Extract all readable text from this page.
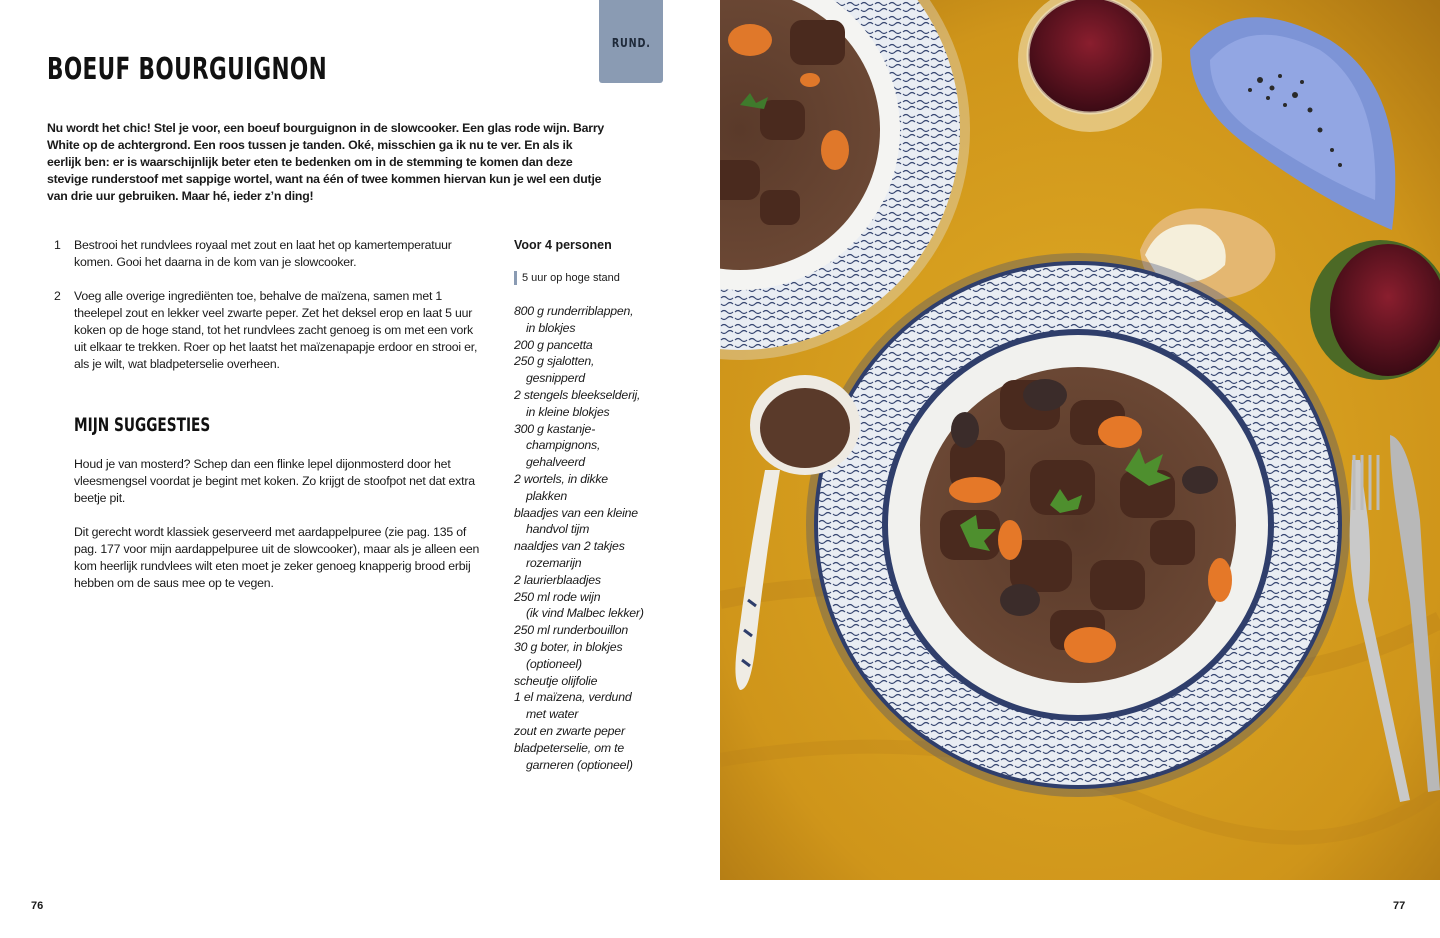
RUND.
BOEUF BOURGUIGNON

Nu wordt het chic! Stel je voor, een boeuf bourguignon in de slowcooker. Een glas rode wijn. Barry White op de achtergrond. Een roos tussen je tanden. Oké, misschien ga ik nu te ver. En als ik eerlijk ben: er is waarschijnlijk beter eten te bedenken om in de stemming te komen dan deze stevige runderstoof met sappige wortel, want na één of twee kommen hiervan kun je wel een dutje van drie uur gebruiken. Maar hé, ieder z’n ding!

1	Bestrooi het rundvlees royaal met zout en laat het op kamertemperatuur komen. Gooi het daarna in de kom van je slowcooker.
2	Voeg alle overige ingrediënten toe, behalve de maïzena, samen met 1 theelepel zout en lekker veel zwarte peper. Zet het deksel erop en laat 5 uur koken op de hoge stand, tot het rundvlees zacht genoeg is om met een vork uit elkaar te trekken. Roer op het laatst het maïzenapapje erdoor en strooi er, als je wilt, wat bladpeterselie overheen.
MIJN SUGGESTIES

Houd je van mosterd? Schep dan een flinke lepel dijonmosterd door het vleesmengsel voordat je begint met koken. Zo krijgt de stoofpot net dat extra beetje pit.

Dit gerecht wordt klassiek geserveerd met aardappelpuree (zie pag. 135 of pag. 177 voor mijn aardappelpuree uit de slowcooker), maar als je alleen een kom heerlijk rundvlees wilt eten moet je zeker genoeg knapperig brood erbij hebben om de saus mee op te vegen.

Voor 4 personen
5 uur op hoge stand
800 g runderriblappen,
in blokjes
200 g pancetta
250 g sjalotten,
gesnipperd
2 stengels bleekselderij,
in kleine blokjes
300 g kastanje-
champignons,
gehalveerd
2 wortels, in dikke
plakken
blaadjes van een kleine
handvol tijm
naaldjes van 2 takjes
rozemarijn
2 laurierblaadjes
250 ml rode wijn
(ik vind Malbec lekker)
250 ml runderbouillon
30 g boter, in blokjes
(optioneel)
scheutje olijfolie
1 el maïzena, verdund
met water
zout en zwarte peper
bladpeterselie, om te
garneren (optioneel)
76	77
